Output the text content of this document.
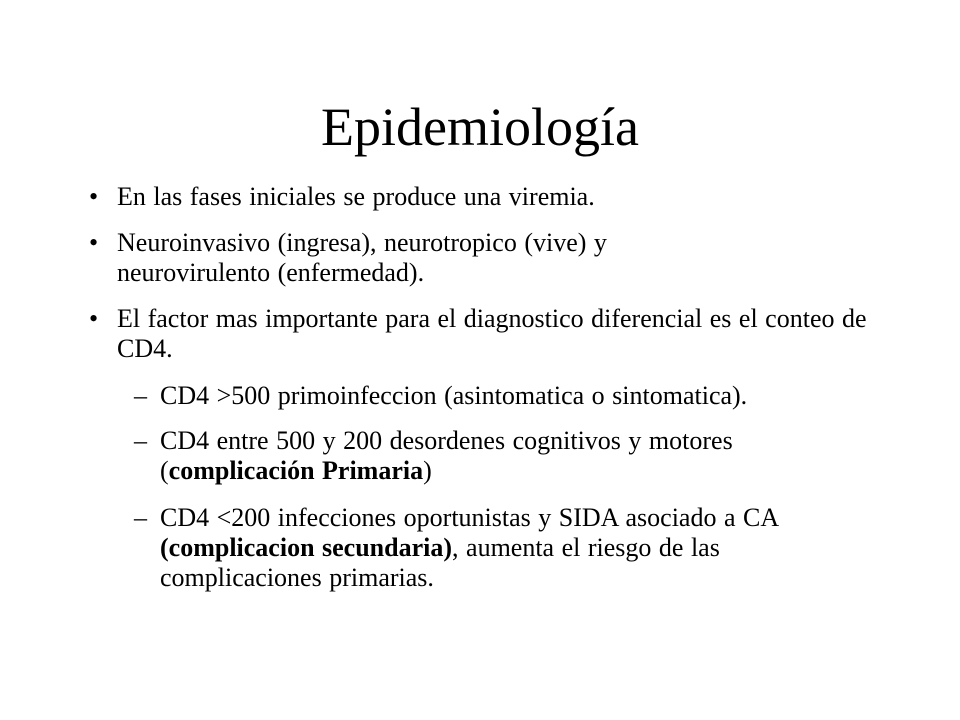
Epidemiología
• En las fases iniciales se produce una viremia.
• Neuroinvasivo (ingresa), neurotropico (vive) y neurovirulento (enfermedad).
• El factor mas importante para el diagnostico diferencial es el conteo de CD4.
– CD4 >500 primoinfeccion (asintomatica o sintomatica).
– CD4 entre 500 y 200 desordenes cognitivos y motores (complicación Primaria)
– CD4 <200 infecciones oportunistas y SIDA asociado a CA (complicacion secundaria), aumenta el riesgo de las complicaciones primarias.
